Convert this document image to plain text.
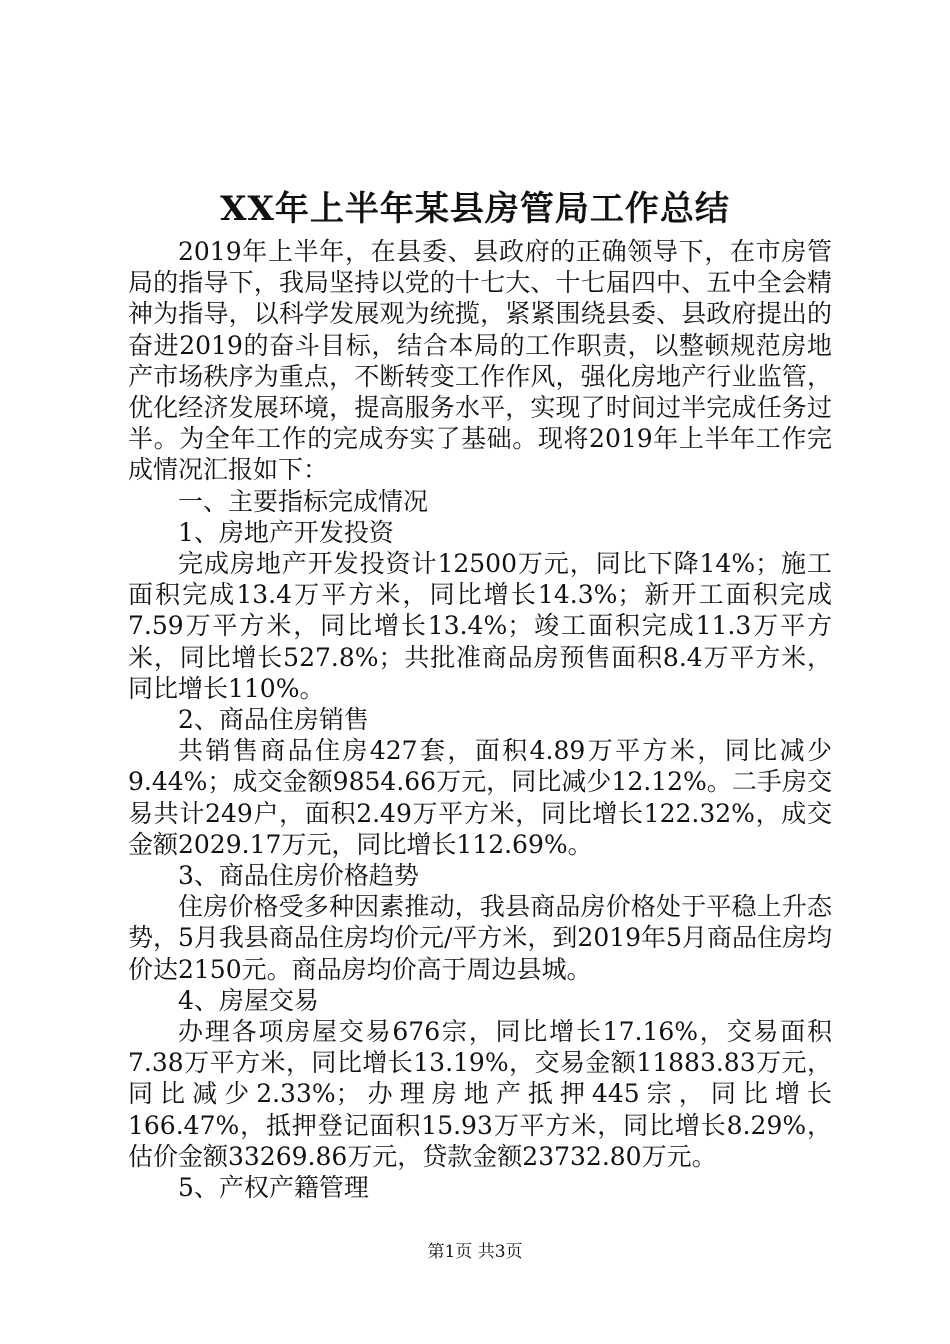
XX年上半年某县房管局工作总结

2019年上半年，在县委、县政府的正确领导下，在市房管局的指导下，我局坚持以党的十七大、十七届四中、五中全会精神为指导，以科学发展观为统揽，紧紧围绕县委、县政府提出的奋进2019的奋斗目标，结合本局的工作职责，以整顿规范房地产市场秩序为重点，不断转变工作作风，强化房地产行业监管，优化经济发展环境，提高服务水平，实现了时间过半完成任务过半。为全年工作的完成夯实了基础。现将2019年上半年工作完成情况汇报如下：

一、主要指标完成情况

1、房地产开发投资

完成房地产开发投资计12500万元，同比下降14%；施工面积完成13.4万平方米，同比增长14.3%；新开工面积完成7.59万平方米，同比增长13.4%；竣工面积完成11.3万平方米，同比增长527.8%；共批准商品房预售面积8.4万平方米，同比增长110%。

2、商品住房销售

共销售商品住房427套，面积4.89万平方米，同比减少9.44%；成交金额9854.66万元，同比减少12.12%。二手房交易共计249户，面积2.49万平方米，同比增长122.32%，成交金额2029.17万元，同比增长112.69%。

3、商品住房价格趋势

住房价格受多种因素推动，我县商品房价格处于平稳上升态势，5月我县商品住房均价元/平方米，到2019年5月商品住房均价达2150元。商品房均价高于周边县城。

4、房屋交易

办理各项房屋交易676宗，同比增长17.16%，交易面积7.38万平方米，同比增长13.19%，交易金额11883.83万元，同比减少2.33%；办理房地产抵押445宗，同比增长166.47%，抵押登记面积15.93万平方米，同比增长8.29%，估价金额33269.86万元，贷款金额23732.80万元。

5、产权产籍管理

第1页 共3页
